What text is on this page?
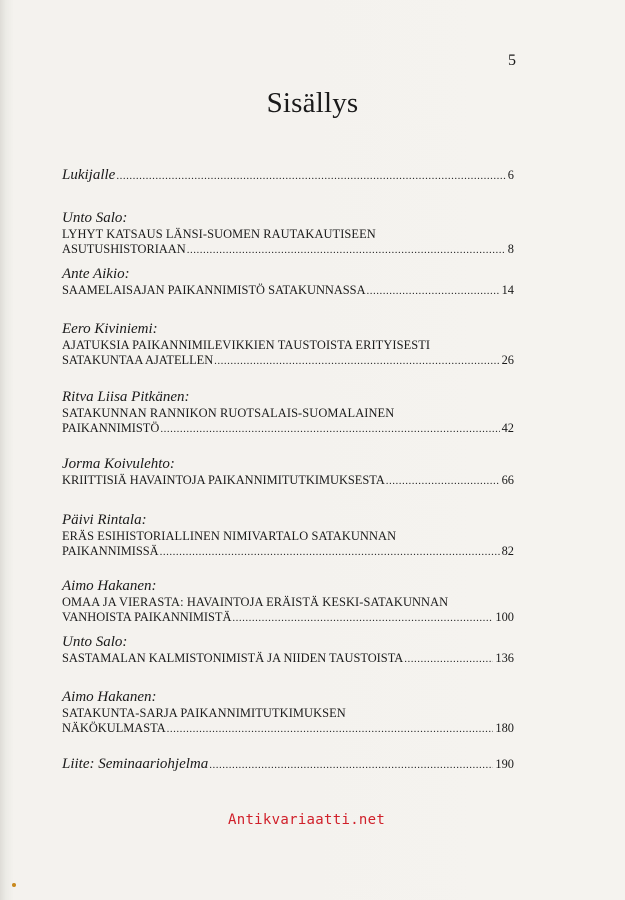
5
Sisällys
Lukijalle .....	6
Unto Salo:
LYHYT KATSAUS LÄNSI-SUOMEN RAUTAKAUTISEEN
ASUTUSHISTORIAAN .....	8
Ante Aikio:
SAAMELAISAJAN PAIKANNIMISTÖ SATAKUNNASSA .....	14
Eero Kiviniemi:
AJATUKSIA PAIKANNIMILEVIKKIEN TAUSTOISTA ERITYISESTI
SATAKUNTAA AJATELLEN .....	26
Ritva Liisa Pitkänen:
SATAKUNNAN RANNIKON RUOTSALAIS-SUOMALAINEN
PAIKANNIMISTÖ .....	42
Jorma Koivulehto:
KRIITTISIÄ HAVAINTOJA PAIKANNIMITUTKIMUKSESTA .....	66
Päivi Rintala:
ERÄS ESIHISTORIALLINEN NIMIVARTALO SATAKUNNAN
PAIKANNIMISSÄ .....	82
Aimo Hakanen:
OMAA JA VIERASTA: HAVAINTOJA ERÄISTÄ KESKI-SATAKUNNAN
VANHOISTA PAIKANNIMISTÄ .....	100
Unto Salo:
SASTAMALAN KALMISTONIMISTÄ JA NIIDEN TAUSTOISTA .....	136
Aimo Hakanen:
SATAKUNTA-SARJA PAIKANNIMITUTKIMUKSEN
NÄKÖKULMASTA .....	180
Liite: Seminaariohjelma .....	190
Antikvariaatti.net
